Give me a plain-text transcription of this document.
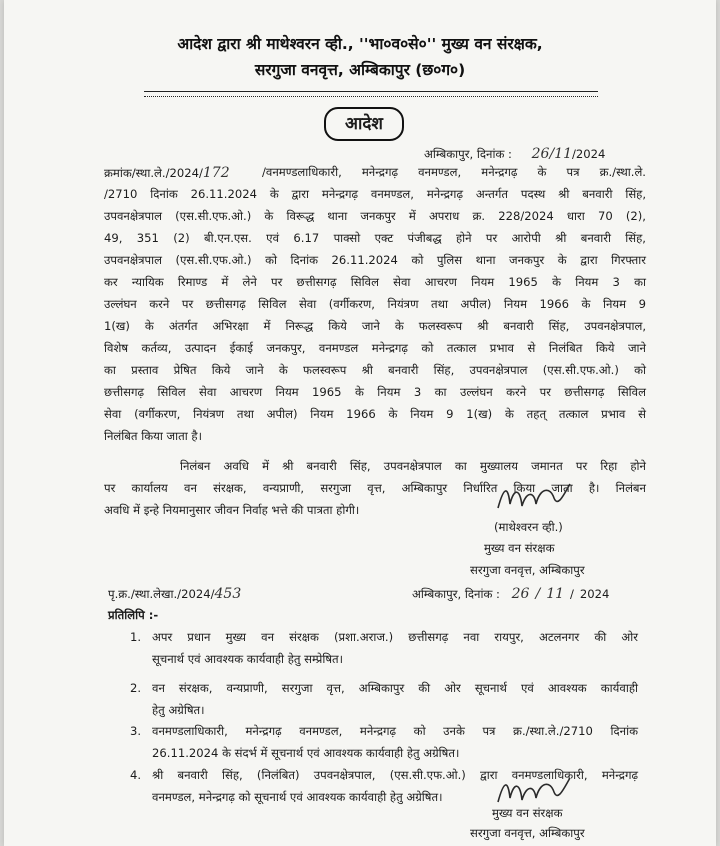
आदेश द्वारा श्री माथेश्वरन व्ही., ''भा०व०से०'' मुख्य वन संरक्षक,
सरगुजा वनवृत्त, अम्बिकापुर (छ०ग०)
आदेश
अम्बिकापुर, दिनांक : 26/11/2024
क्रमांक/स्था.ले./2024/172	/वनमण्डलाधिकारी, मनेन्द्रगढ़ वनमण्डल, मनेन्द्रगढ़ के पत्र क्र./स्था.ले.
/2710 दिनांक 26.11.2024 के द्वारा मनेन्द्रगढ़ वनमण्डल, मनेन्द्रगढ़ अन्तर्गत पदस्थ श्री बनवारी सिंह,
उपवनक्षेत्रपाल (एस.सी.एफ.ओ.) के विरूद्ध थाना जनकपुर में अपराध क्र. 228/2024 धारा 70 (2),
49, 351 (2) बी.एन.एस. एवं 6.17 पाक्सो एक्ट पंजीबद्ध होने पर आरोपी श्री बनवारी सिंह,
उपवनक्षेत्रपाल (एस.सी.एफ.ओ.) को दिनांक 26.11.2024 को पुलिस थाना जनकपुर के द्वारा गिरफ्तार
कर न्यायिक रिमाण्ड में लेने पर छत्तीसगढ़ सिविल सेवा आचरण नियम 1965 के नियम 3 का
उल्लंघन करने पर छत्तीसगढ़ सिविल सेवा (वर्गीकरण, नियंत्रण तथा अपील) नियम 1966 के नियम 9
1(ख) के अंतर्गत अभिरक्षा में निरूद्ध किये जाने के फलस्वरूप श्री बनवारी सिंह, उपवनक्षेत्रपाल,
विशेष कर्तव्य, उत्पादन ईकाई जनकपुर, वनमण्डल मनेन्द्रगढ़ को तत्काल प्रभाव से निलंबित किये जाने
का प्रस्ताव प्रेषित किये जाने के फलस्वरूप श्री बनवारी सिंह, उपवनक्षेत्रपाल (एस.सी.एफ.ओ.) को
छत्तीसगढ़ सिविल सेवा आचरण नियम 1965 के नियम 3 का उल्लंघन करने पर छत्तीसगढ़ सिविल
सेवा (वर्गीकरण, नियंत्रण तथा अपील) नियम 1966 के नियम 9 1(ख) के तहत् तत्काल प्रभाव से
निलंबित किया जाता है।
निलंबन अवधि में श्री बनवारी सिंह, उपवनक्षेत्रपाल का मुख्यालय जमानत पर रिहा होने
पर कार्यालय वन संरक्षक, वन्यप्राणी, सरगुजा वृत्त, अम्बिकापुर निर्धारित किया जाता है। निलंबन
अवधि में इन्हे नियमानुसार जीवन निर्वाह भत्ते की पात्रता होगी।
(माथेश्वरन व्ही.)
मुख्य वन संरक्षक
सरगुजा वनवृत्त, अम्बिकापुर
पृ.क्र./स्था.लेखा./2024/453	अम्बिकापुर, दिनांक : 26 / 11 / 2024
प्रतिलिपि :-
1. अपर प्रधान मुख्य वन संरक्षक (प्रशा.अराज.) छत्तीसगढ़ नवा रायपुर, अटलनगर की ओर
सूचनार्थ एवं आवश्यक कार्यवाही हेतु सम्प्रेषित।
2. वन संरक्षक, वन्यप्राणी, सरगुजा वृत्त, अम्बिकापुर की ओर सूचनार्थ एवं आवश्यक कार्यवाही
हेतु अग्रेषित।
3. वनमण्डलाधिकारी, मनेन्द्रगढ़ वनमण्डल, मनेन्द्रगढ़ को उनके पत्र क्र./स्था.ले./2710 दिनांक
26.11.2024 के संदर्भ में सूचनार्थ एवं आवश्यक कार्यवाही हेतु अग्रेषित।
4. श्री बनवारी सिंह, (निलंबित) उपवनक्षेत्रपाल, (एस.सी.एफ.ओ.) द्वारा वनमण्डलाधिकारी, मनेन्द्रगढ़
वनमण्डल, मनेन्द्रगढ़ को सूचनार्थ एवं आवश्यक कार्यवाही हेतु अग्रेषित।
मुख्य वन संरक्षक
सरगुजा वनवृत्त, अम्बिकापुर
